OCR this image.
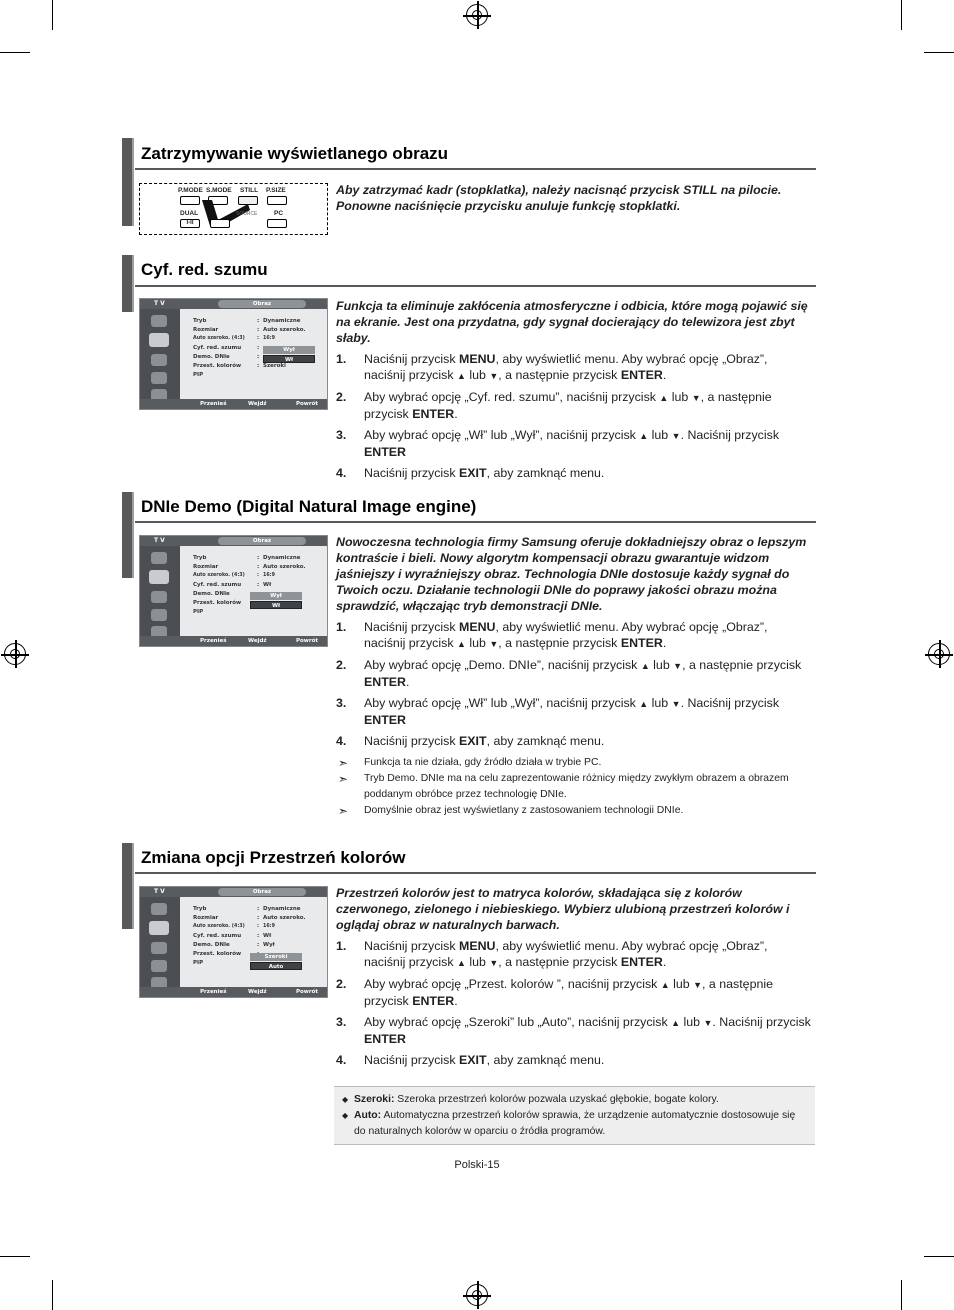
Zatrzymywanie wyświetlanego obrazu
P.MODE S.MODE STILL P.SIZE
DUAL	SOURCE	PC
I-II

Aby zatrzymać kadr (stopklatka), należy nacisnąć przycisk STILL na pilocie. Ponowne naciśnięcie przycisku anuluje funkcję stopklatki.

Cyf. red. szumu
T V	Obraz
Tryb	: Dynamiczne
Rozmiar	: Auto szeroko.
Auto szeroko. (4:3)	: 16:9
Cyf. red. szumu	:
Demo. DNIe	:
Przest. kolorów	: Szeroki
PIP
Wył
Wł
Przenieś	Wejdź	Powrót

Funkcja ta eliminuje zakłócenia atmosferyczne i odbicia, które mogą pojawić się na ekranie. Jest ona przydatna, gdy sygnał docierający do telewizora jest zbyt słaby.

1. Naciśnij przycisk MENU, aby wyświetlić menu. Aby wybrać opcję „Obraz”, naciśnij przycisk ▲ lub ▼, a następnie przycisk ENTER.
2. Aby wybrać opcję „Cyf. red. szumu”, naciśnij przycisk ▲ lub ▼, a następnie przycisk ENTER.
3. Aby wybrać opcję „Wł” lub „Wył”, naciśnij przycisk ▲ lub ▼. Naciśnij przycisk ENTER
4. Naciśnij przycisk EXIT, aby zamknąć menu.
DNIe Demo (Digital Natural Image engine)
T V	Obraz
Tryb	: Dynamiczne
Rozmiar	: Auto szeroko.
Auto szeroko. (4:3)	: 16:9
Cyf. red. szumu	: Wł
Demo. DNIe
Przest. kolorów
PIP
Wył
Wł
Przenieś	Wejdź	Powrót

Nowoczesna technologia firmy Samsung oferuje dokładniejszy obraz o lepszym kontraście i bieli. Nowy algorytm kompensacji obrazu gwarantuje widzom jaśniejszy i wyraźniejszy obraz. Technologia DNIe dostosuje każdy sygnał do Twoich oczu. Działanie technologii DNIe do poprawy jakości obrazu można sprawdzić, włączając tryb demonstracji DNIe.

1. Naciśnij przycisk MENU, aby wyświetlić menu. Aby wybrać opcję „Obraz”, naciśnij przycisk ▲ lub ▼, a następnie przycisk ENTER.
2. Aby wybrać opcję „Demo. DNIe”, naciśnij przycisk ▲ lub ▼, a następnie przycisk ENTER.
3. Aby wybrać opcję „Wł” lub „Wył”, naciśnij przycisk ▲ lub ▼. Naciśnij przycisk ENTER
4. Naciśnij przycisk EXIT, aby zamknąć menu.
➣ Funkcja ta nie działa, gdy źródło działa w trybie PC.
➣ Tryb Demo. DNIe ma na celu zaprezentowanie różnicy między zwykłym obrazem a obrazem poddanym obróbce przez technologię DNIe.
➣ Domyślnie obraz jest wyświetlany z zastosowaniem technologii DNIe.
Zmiana opcji Przestrzeń kolorów
T V	Obraz
Tryb	: Dynamiczne
Rozmiar	: Auto szeroko.
Auto szeroko. (4:3)	: 16:9
Cyf. red. szumu	: Wł
Demo. DNIe	: Wył
Przest. kolorów
PIP
Szeroki
Auto
Przenieś	Wejdź	Powrót

Przestrzeń kolorów jest to matryca kolorów, składająca się z kolorów czerwonego, zielonego i niebieskiego. Wybierz ulubioną przestrzeń kolorów i oglądaj obraz w naturalnych barwach.

1. Naciśnij przycisk MENU, aby wyświetlić menu. Aby wybrać opcję „Obraz”, naciśnij przycisk ▲ lub ▼, a następnie przycisk ENTER.
2. Aby wybrać opcję „Przest. kolorów ”, naciśnij przycisk ▲ lub ▼, a następnie przycisk ENTER.
3. Aby wybrać opcję „Szeroki” lub „Auto”, naciśnij przycisk ▲ lub ▼. Naciśnij przycisk ENTER
4. Naciśnij przycisk EXIT, aby zamknąć menu.
◆ Szeroki: Szeroka przestrzeń kolorów pozwala uzyskać głębokie, bogate kolory.
◆ Auto: Automatyczna przestrzeń kolorów sprawia, że urządzenie automatycznie dostosowuje się do naturalnych kolorów w oparciu o źródła programów.
Polski-15
